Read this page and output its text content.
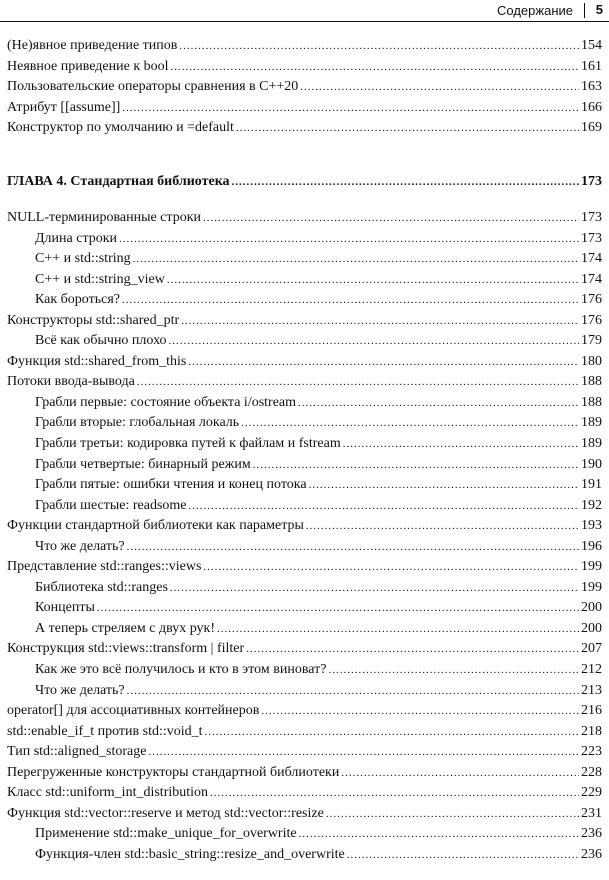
Содержание 5
(Не)явное приведение типов .....	154
Неявное приведение к bool .....	161
Пользовательские операторы сравнения в C++20 .....	163
Атрибут [[assume]] .....	166
Конструктор по умолчанию и =default .....	169
ГЛАВА 4. Стандартная библиотека .....	173
NULL-терминированные строки .....	173
Длина строки .....	173
C++ и std::string .....	174
C++ и std::string_view .....	174
Как бороться? .....	176
Конструкторы std::shared_ptr .....	176
Всё как обычно плохо .....	179
Функция std::shared_from_this .....	180
Потоки ввода-вывода .....	188
Грабли первые: состояние объекта i/ostream .....	188
Грабли вторые: глобальная локаль .....	189
Грабли третьи: кодировка путей к файлам и fstream .....	189
Грабли четвертые: бинарный режим .....	190
Грабли пятые: ошибки чтения и конец потока .....	191
Грабли шестые: readsome .....	192
Функции стандартной библиотеки как параметры .....	193
Что же делать? .....	196
Представление std::ranges::views .....	199
Библиотека std::ranges .....	199
Концепты .....	200
А теперь стреляем с двух рук! .....	200
Конструкция std::views::transform | filter .....	207
Как же это всё получилось и кто в этом виноват? .....	212
Что же делать? .....	213
operator[] для ассоциативных контейнеров .....	216
std::enable_if_t против std::void_t .....	218
Тип std::aligned_storage .....	223
Перегруженные конструкторы стандартной библиотеки .....	228
Класс std::uniform_int_distribution .....	229
Функция std::vector::reserve и метод std::vector::resize .....	231
Применение std::make_unique_for_overwrite .....	236
Функция-член std::basic_string::resize_and_overwrite .....	236
